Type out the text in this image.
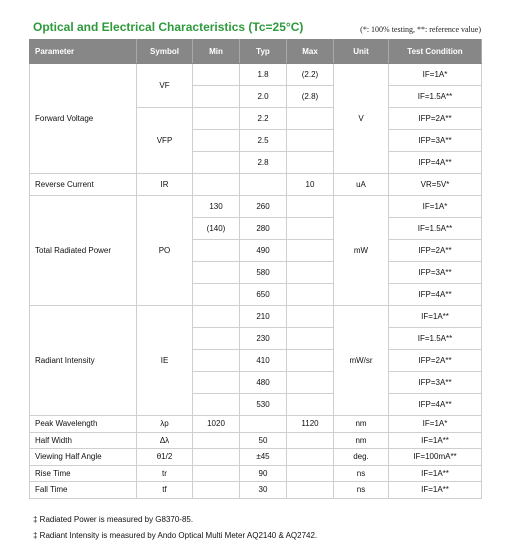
Optical and Electrical Characteristics (Tc=25°C)	(*: 100% testing, **: reference value)
Parameter	Symbol	Min	Typ	Max	Unit	Test Condition
Forward Voltage	VF		1.8	(2.2)	V	IF=1A*
			2.0	(2.8)		IF=1.5A**
	VFP		2.2			IFP=2A**
			2.5			IFP=3A**
			2.8			IFP=4A**
Reverse Current	IR			10	uA	VR=5V*
Total Radiated Power	PO	130	260		mW	IF=1A*
		(140)	280			IF=1.5A**
			490			IFP=2A**
			580			IFP=3A**
			650			IFP=4A**
Radiant Intensity	IE		210		mW/sr	IF=1A**
			230			IF=1.5A**
			410			IFP=2A**
			480			IFP=3A**
			530			IFP=4A**
Peak Wavelength	λp	1020		1120	nm	IF=1A*
Half Width	Δλ		50		nm	IF=1A**
Viewing Half Angle	θ1/2		±45		deg.	IF=100mA**
Rise Time	tr		90		ns	IF=1A**
Fall Time	tf		30		ns	IF=1A**
‡ Radiated Power is measured by G8370-85.
‡ Radiant Intensity is measured by Ando Optical Multi Meter AQ2140 & AQ2742.
